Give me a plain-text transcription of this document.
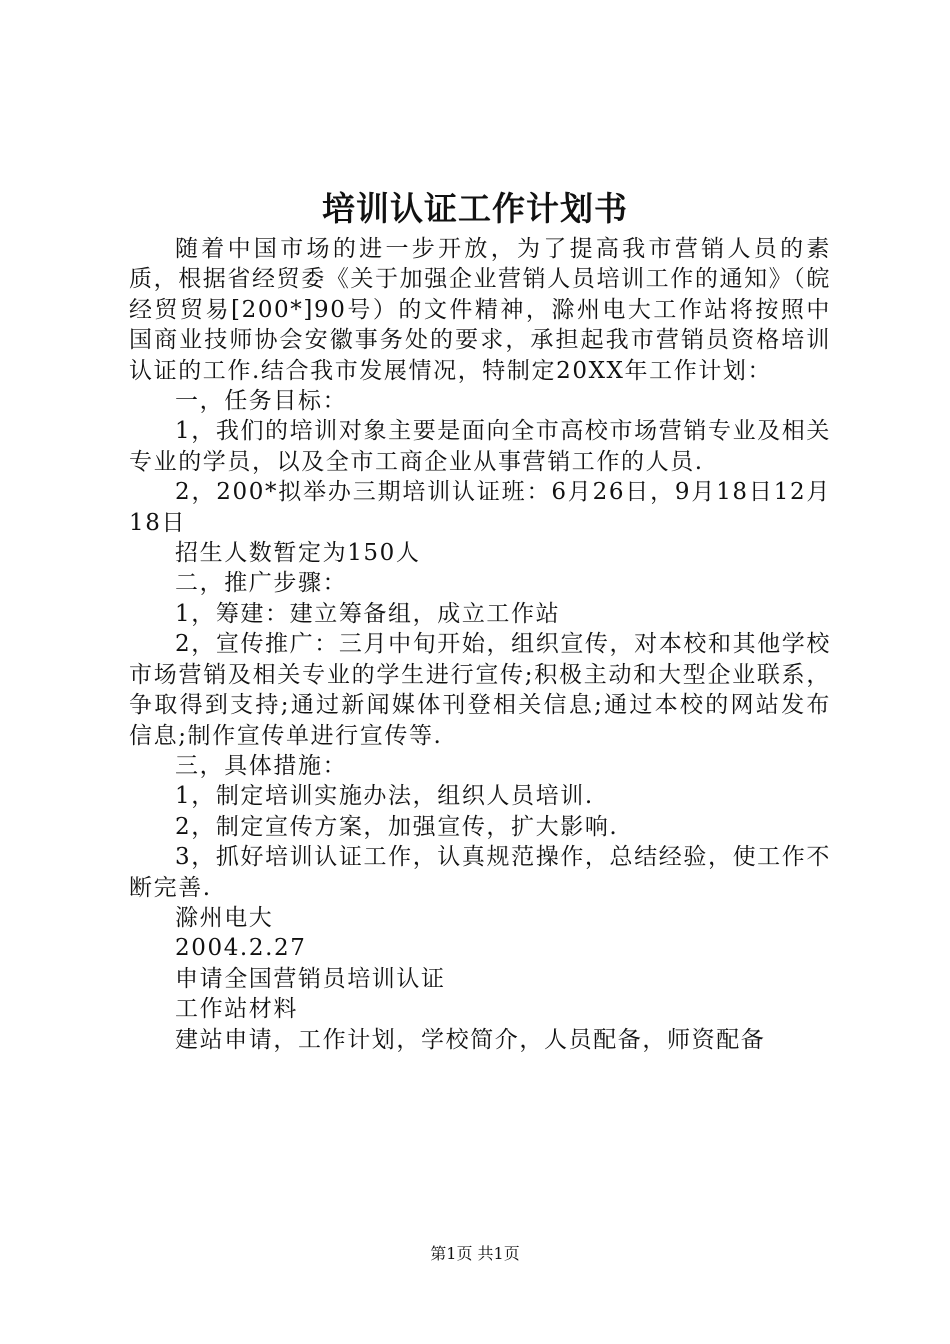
培训认证工作计划书

随着中国市场的进一步开放，为了提高我市营销人员的素质，根据省经贸委《关于加强企业营销人员培训工作的通知》（皖经贸贸易[200*]90号）的文件精神，滁州电大工作站将按照中国商业技师协会安徽事务处的要求，承担起我市营销员资格培训认证的工作.结合我市发展情况，特制定20XX年工作计划：

一，任务目标：

1，我们的培训对象主要是面向全市高校市场营销专业及相关专业的学员，以及全市工商企业从事营销工作的人员.

2，200*拟举办三期培训认证班：6月26日，9月18日12月18日

招生人数暂定为150人

二，推广步骤：

1，筹建：建立筹备组，成立工作站

2，宣传推广：三月中旬开始，组织宣传，对本校和其他学校市场营销及相关专业的学生进行宣传;积极主动和大型企业联系，争取得到支持;通过新闻媒体刊登相关信息;通过本校的网站发布信息;制作宣传单进行宣传等.

三，具体措施：

1，制定培训实施办法，组织人员培训.

2，制定宣传方案，加强宣传，扩大影响.

3，抓好培训认证工作，认真规范操作，总结经验，使工作不断完善.

滁州电大

2004.2.27

申请全国营销员培训认证

工作站材料

建站申请，工作计划，学校简介，人员配备，师资配备

第1页 共1页
